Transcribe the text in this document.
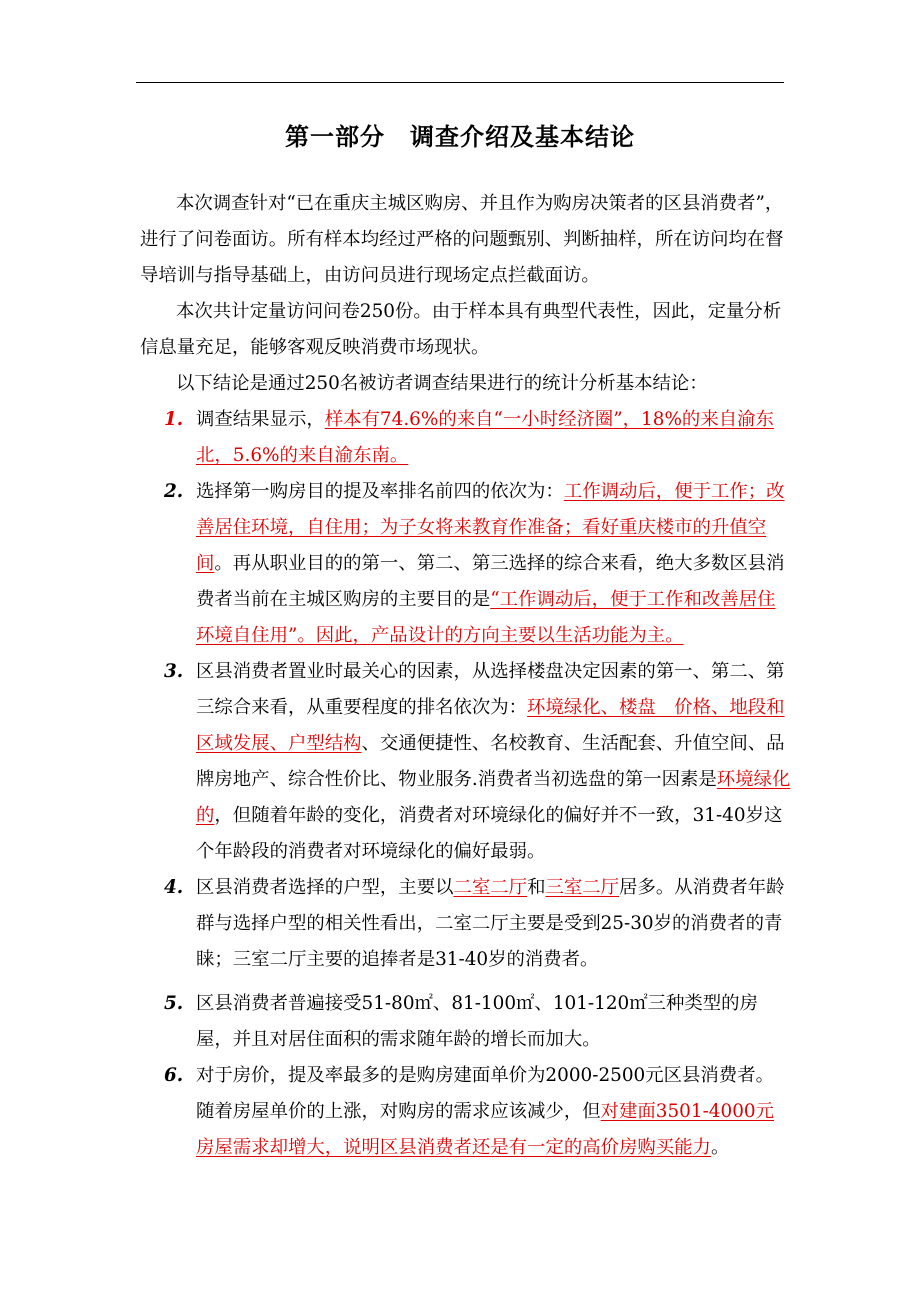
第一部分　调查介绍及基本结论
本次调查针对“已在重庆主城区购房、并且作为购房决策者的区县消费者”，进行了问卷面访。所有样本均经过严格的问题甄别、判断抽样，所在访问均在督导培训与指导基础上，由访问员进行现场定点拦截面访。
本次共计定量访问问卷250份。由于样本具有典型代表性，因此，定量分析信息量充足，能够客观反映消费市场现状。
以下结论是通过250名被访者调查结果进行的统计分析基本结论：
1. 调查结果显示，样本有74.6%的来自“一小时经济圈”，18%的来自渝东北，5.6%的来自渝东南。
2. 选择第一购房目的提及率排名前四的依次为：工作调动后，便于工作；改善居住环境，自住用；为子女将来教育作准备；看好重庆楼市的升值空间。再从职业目的的第一、第二、第三选择的综合来看，绝大多数区县消费者当前在主城区购房的主要目的是“工作调动后，便于工作和改善居住环境自住用”。因此，产品设计的方向主要以生活功能为主。
3. 区县消费者置业时最关心的因素，从选择楼盘决定因素的第一、第二、第三综合来看，从重要程度的排名依次为：环境绿化、楼盘　价格、地段和区域发展、户型结构、交通便捷性、名校教育、生活配套、升值空间、品牌房地产、综合性价比、物业服务.消费者当初选盘的第一因素是环境绿化的，但随着年龄的变化，消费者对环境绿化的偏好并不一致，31-40岁这个年龄段的消费者对环境绿化的偏好最弱。
4. 区县消费者选择的户型，主要以二室二厅和三室二厅居多。从消费者年龄群与选择户型的相关性看出，二室二厅主要是受到25-30岁的消费者的青睐；三室二厅主要的追捧者是31-40岁的消费者。
5. 区县消费者普遍接受51-80㎡、81-100㎡、101-120㎡三种类型的房屋，并且对居住面积的需求随年龄的增长而加大。
6. 对于房价，提及率最多的是购房建面单价为2000-2500元区县消费者。随着房屋单价的上涨，对购房的需求应该减少，但对建面3501-4000元房屋需求却增大，说明区县消费者还是有一定的高价房购买能力。
